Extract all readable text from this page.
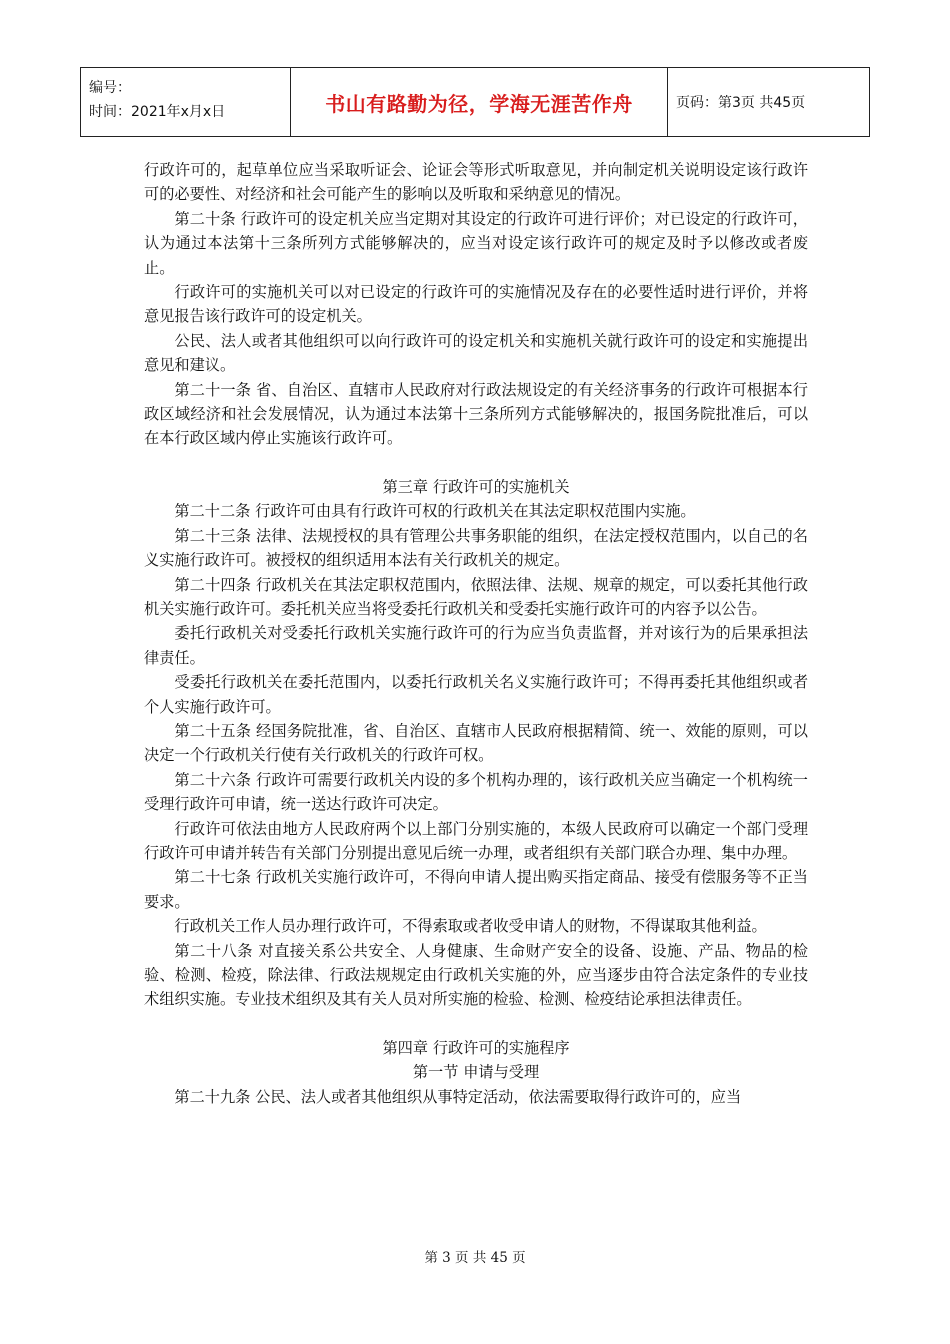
编号：
时间：2021年x月x日	书山有路勤为径，学海无涯苦作舟	页码：第3页 共45页

行政许可的，起草单位应当采取听证会、论证会等形式听取意见，并向制定机关说明设定该行政许可的必要性、对经济和社会可能产生的影响以及听取和采纳意见的情况。

第二十条 行政许可的设定机关应当定期对其设定的行政许可进行评价；对已设定的行政许可，认为通过本法第十三条所列方式能够解决的，应当对设定该行政许可的规定及时予以修改或者废止。

行政许可的实施机关可以对已设定的行政许可的实施情况及存在的必要性适时进行评价，并将意见报告该行政许可的设定机关。

公民、法人或者其他组织可以向行政许可的设定机关和实施机关就行政许可的设定和实施提出意见和建议。

第二十一条 省、自治区、直辖市人民政府对行政法规设定的有关经济事务的行政许可根据本行政区域经济和社会发展情况，认为通过本法第十三条所列方式能够解决的，报国务院批准后，可以在本行政区域内停止实施该行政许可。

第三章 行政许可的实施机关

第二十二条 行政许可由具有行政许可权的行政机关在其法定职权范围内实施。

第二十三条 法律、法规授权的具有管理公共事务职能的组织，在法定授权范围内，以自己的名义实施行政许可。被授权的组织适用本法有关行政机关的规定。

第二十四条 行政机关在其法定职权范围内，依照法律、法规、规章的规定，可以委托其他行政机关实施行政许可。委托机关应当将受委托行政机关和受委托实施行政许可的内容予以公告。

委托行政机关对受委托行政机关实施行政许可的行为应当负责监督，并对该行为的后果承担法律责任。

受委托行政机关在委托范围内，以委托行政机关名义实施行政许可；不得再委托其他组织或者个人实施行政许可。

第二十五条 经国务院批准，省、自治区、直辖市人民政府根据精简、统一、效能的原则，可以决定一个行政机关行使有关行政机关的行政许可权。

第二十六条 行政许可需要行政机关内设的多个机构办理的，该行政机关应当确定一个机构统一受理行政许可申请，统一送达行政许可决定。

行政许可依法由地方人民政府两个以上部门分别实施的，本级人民政府可以确定一个部门受理行政许可申请并转告有关部门分别提出意见后统一办理，或者组织有关部门联合办理、集中办理。

第二十七条 行政机关实施行政许可，不得向申请人提出购买指定商品、接受有偿服务等不正当要求。

行政机关工作人员办理行政许可，不得索取或者收受申请人的财物，不得谋取其他利益。

第二十八条 对直接关系公共安全、人身健康、生命财产安全的设备、设施、产品、物品的检验、检测、检疫，除法律、行政法规规定由行政机关实施的外，应当逐步由符合法定条件的专业技术组织实施。专业技术组织及其有关人员对所实施的检验、检测、检疫结论承担法律责任。

第四章 行政许可的实施程序

第一节 申请与受理

第二十九条 公民、法人或者其他组织从事特定活动，依法需要取得行政许可的，应当

第 3 页 共 45 页
